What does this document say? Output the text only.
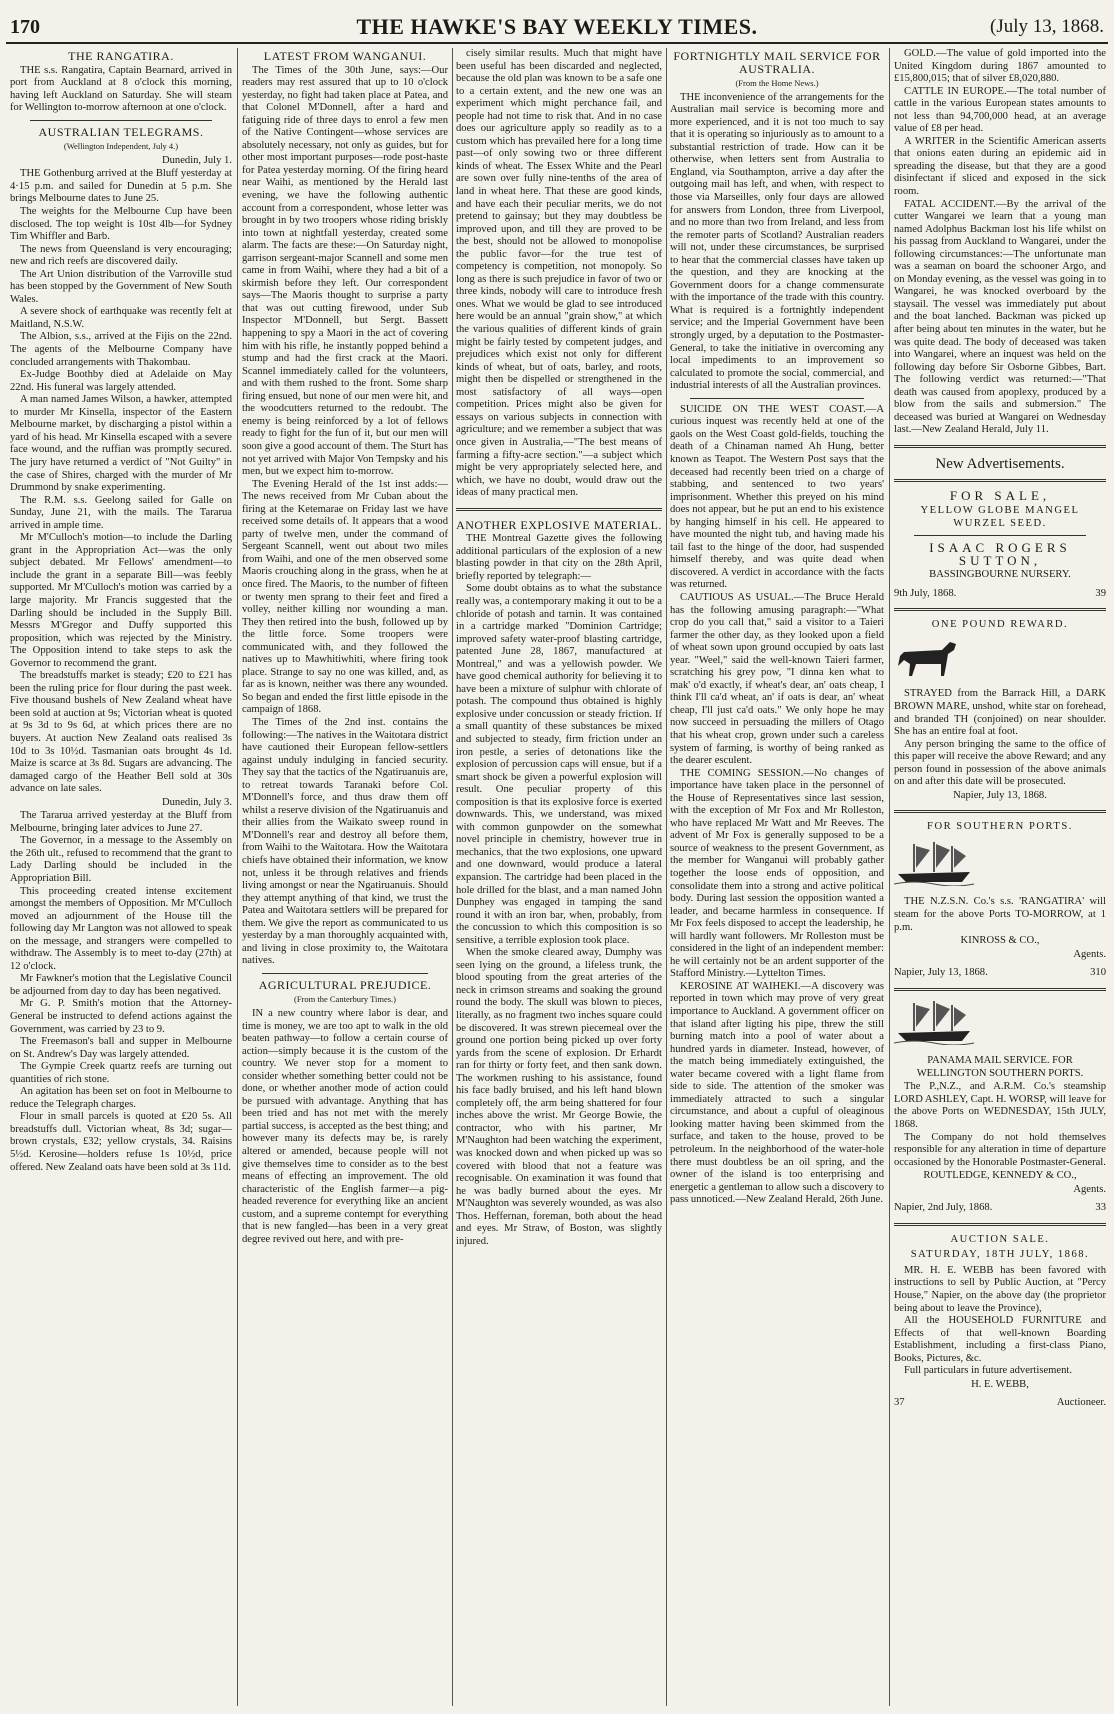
170	THE HAWKE'S BAY WEEKLY TIMES.	(July 13, 1868.
THE RANGATIRA.
THE s.s. Rangatira, Captain Bearnard, arrived in port from Auckland at 8 o'clock this morning, having left Auckland on Saturday. She will steam for Wellington to-morrow afternoon at one o'clock.
AUSTRALIAN TELEGRAMS.
(Wellington Independent, July 4.)
Dunedin, July 1.
THE Gothenburg arrived at the Bluff yesterday at 4·15 p.m. and sailed for Dunedin at 5 p.m. She brings Melbourne dates to June 25.
The weights for the Melbourne Cup have been disclosed. The top weight is 10st 4lb—for Sydney Tim Whiffler and Barb.
The news from Queensland is very encouraging; new and rich reefs are discovered daily.
The Art Union distribution of the Varroville stud has been stopped by the Government of New South Wales.
A severe shock of earthquake was recently felt at Maitland, N.S.W.
The Albion, s.s., arrived at the Fijis on the 22nd. The agents of the Melbourne Company have concluded arrangements with Thakombau.
Ex-Judge Boothby died at Adelaide on May 22nd. His funeral was largely attended.
A man named James Wilson, a hawker, attempted to murder Mr Kinsella, inspector of the Eastern Melbourne market, by discharging a pistol within a yard of his head. Mr Kinsella escaped with a severe face wound, and the ruffian was promptly secured. The jury have returned a verdict of "Not Guilty" in the case of Shires, charged with the murder of Mr Drummond by snake experimenting.
The R.M. s.s. Geelong sailed for Galle on Sunday, June 21, with the mails. The Tararua arrived in ample time.
Mr M'Culloch's motion—to include the Darling grant in the Appropriation Act—was the only subject debated. Mr Fellows' amendment—to include the grant in a separate Bill—was feebly supported. Mr M'Culloch's motion was carried by a large majority. Mr Francis suggested that the Darling should be included in the Supply Bill. Messrs M'Gregor and Duffy supported this proposition, which was rejected by the Ministry. The Opposition intend to take steps to ask the Governor to recommend the grant.
The breadstuffs market is steady; £20 to £21 has been the ruling price for flour during the past week. Five thousand bushels of New Zealand wheat have been sold at auction at 9s; Victorian wheat is quoted at 9s 3d to 9s 6d, at which prices there are no buyers. At auction New Zealand oats realised 3s 10d to 3s 10½d. Tasmanian oats brought 4s 1d. Maize is scarce at 3s 8d. Sugars are advancing. The damaged cargo of the Heather Bell sold at 30s advance on late sales.
Dunedin, July 3.
The Tararua arrived yesterday at the Bluff from Melbourne, bringing later advices to June 27.
The Governor, in a message to the Assembly on the 26th ult., refused to recommend that the grant to Lady Darling should be included in the Appropriation Bill.
This proceeding created intense excitement amongst the members of Opposition. Mr M'Culloch moved an adjournment of the House till the following day Mr Langton was not allowed to speak on the message, and strangers were compelled to withdraw. The Assembly is to meet to-day (27th) at 12 o'clock.
Mr Fawkner's motion that the Legislative Council be adjourned from day to day has been negatived.
Mr G. P. Smith's motion that the Attorney-General be instructed to defend actions against the Government, was carried by 23 to 9.
The Freemason's ball and supper in Melbourne on St. Andrew's Day was largely attended.
The Gympie Creek quartz reefs are turning out quantities of rich stone.
An agitation has been set on foot in Melbourne to reduce the Telegraph charges.
Flour in small parcels is quoted at £20 5s. All breadstuffs dull. Victorian wheat, 8s 3d; sugar—brown crystals, £32; yellow crystals, 34. Raisins 5½d. Kerosine—holders refuse 1s 10½d, price offered. New Zealand oats have been sold at 3s 11d.
LATEST FROM WANGANUI.
The Times of the 30th June, says:—Our readers may rest assured that up to 10 o'clock yesterday, no fight had taken place at Patea, and that Colonel M'Donnell, after a hard and fatiguing ride of three days to enrol a few men of the Native Contingent—whose services are absolutely necessary, not only as guides, but for other most important purposes—rode post-haste for Patea yesterday morning. Of the firing heard near Waihi, as mentioned by the Herald last evening, we have the following authentic account from a correspondent, whose letter was brought in by two troopers whose riding briskly into town at nightfall yesterday, created some alarm. The facts are these:—On Saturday night, garrison sergeant-major Scannell and some men came in from Waihi, where they had a bit of a skirmish before they left. Our correspondent says—The Maoris thought to surprise a party that was out cutting firewood, under Sub Inspector M'Donnell, but Sergt. Bassett happening to spy a Maori in the act of covering him with his rifle, he instantly popped behind a stump and had the first crack at the Maori. Scannel immediately called for the volunteers, and with them rushed to the front. Some sharp firing ensued, but none of our men were hit, and the woodcutters returned to the redoubt. The enemy is being reinforced by a lot of fellows ready to fight for the fun of it, but our men will soon give a good account of them. The Sturt has not yet arrived with Major Von Tempsky and his men, but we expect him to-morrow.
The Evening Herald of the 1st inst adds:—The news received from Mr Cuban about the firing at the Ketemarae on Friday last we have received some details of. It appears that a wood party of twelve men, under the command of Sergeant Scannell, went out about two miles from Waihi, and one of the men observed some Maoris crouching along in the grass, when he at once fired. The Maoris, to the number of fifteen or twenty men sprang to their feet and fired a volley, neither killing nor wounding a man. They then retired into the bush, followed up by the little force. Some troopers were communicated with, and they followed the natives up to Mawhitiwhiti, where firing took place. Strange to say no one was killed, and, as far as is known, neither was there any wounded. So began and ended the first little episode in the campaign of 1868.
The Times of the 2nd inst. contains the following:—The natives in the Waitotara district have cautioned their European fellow-settlers against unduly indulging in fancied security. They say that the tactics of the Ngatiruanuis are, to retreat towards Taranaki before Col. M'Donnell's force, and thus draw them off whilst a reserve division of the Ngatiruanuis and their allies from the Waikato sweep round in M'Donnell's rear and destroy all before them, from Waihi to the Waitotara. How the Waitotara chiefs have obtained their information, we know not, unless it be through relatives and friends living amongst or near the Ngatiruanuis. Should they attempt anything of that kind, we trust the Patea and Waitotara settlers will be prepared for them. We give the report as communicated to us yesterday by a man thoroughly acquainted with, and living in close proximity to, the Waitotara natives.
AGRICULTURAL PREJUDICE.
(From the Canterbury Times.)
IN a new country where labor is dear, and time is money, we are too apt to walk in the old beaten pathway—to follow a certain course of action—simply because it is the custom of the country. We never stop for a moment to consider whether something better could not be done, or whether another mode of action could be pursued with advantage. Anything that has been tried and has not met with the merely partial success, is accepted as the best thing; and however many its defects may be, is rarely altered or amended, because people will not give themselves time to consider as to the best means of effecting an improvement. The old characteristic of the English farmer—a pig-headed reverence for everything like an ancient custom, and a supreme contempt for everything that is new fangled—has been in a very great degree revived out here, and with pre-
cisely similar results. Much that might have been useful has been discarded and neglected, because the old plan was known to be a safe one to a certain extent, and the new one was an experiment which might perchance fail, and people had not time to risk that. And in no case does our agriculture apply so readily as to a custom which has prevailed here for a long time past—of only sowing two or three different kinds of wheat. The Essex White and the Pearl are sown over fully nine-tenths of the area of land in wheat here. That these are good kinds, and have each their peculiar merits, we do not pretend to gainsay; but they may doubtless be improved upon, and till they are proved to be the best, should not be allowed to monopolise the public favor—for the true test of competency is competition, not monopoly. So long as there is such prejudice in favor of two or three kinds, nobody will care to introduce fresh ones. What we would be glad to see introduced here would be an annual "grain show," at which the various qualities of different kinds of grain might be fairly tested by competent judges, and prejudices which exist not only for different kinds of wheat, but of oats, barley, and roots, might then be dispelled or strengthened in the most satisfactory of all ways—open competition. Prices might also be given for essays on various subjects in connection with agriculture; and we remember a subject that was once given in Australia,—"The best means of farming a fifty-acre section."—a subject which might be very appropriately selected here, and which, we have no doubt, would draw out the ideas of many practical men.
ANOTHER EXPLOSIVE MATERIAL.
THE Montreal Gazette gives the following additional particulars of the explosion of a new blasting powder in that city on the 28th April, briefly reported by telegraph:—
Some doubt obtains as to what the substance really was, a contemporary making it out to be a chloride of potash and tarnin. It was contained in a cartridge marked "Dominion Cartridge; improved safety water-proof blasting cartridge, patented June 28, 1867, manufactured at Montreal," and was a yellowish powder. We have good chemical authority for believing it to have been a mixture of sulphur with chlorate of potash. The compound thus obtained is highly explosive under concussion or steady friction. If a small quantity of these substances be mixed and subjected to steady, firm friction under an iron pestle, a series of detonations like the explosion of percussion caps will ensue, but if a smart shock be given a powerful explosion will result. One peculiar property of this composition is that its explosive force is exerted downwards. This, we understand, was mixed with common gunpowder on the somewhat novel principle in chemistry, however true in mechanics, that the two explosions, one upward and one downward, would produce a lateral expansion. The cartridge had been placed in the hole drilled for the blast, and a man named John Dunphey was engaged in tamping the sand round it with an iron bar, when, probably, from the concussion to which this composition is so sensitive, a terrible explosion took place.
When the smoke cleared away, Dumphy was seen lying on the ground, a lifeless trunk, the blood spouting from the great arteries of the neck in crimson streams and soaking the ground round the body. The skull was blown to pieces, literally, as no fragment two inches square could be discovered. It was strewn piecemeal over the ground one portion being picked up over forty yards from the scene of explosion. Dr Erhardt ran for thirty or forty feet, and then sank down. The workmen rushing to his assistance, found his face badly bruised, and his left hand blown completely off, the arm being shattered for four inches above the wrist. Mr George Bowie, the contractor, who with his partner, Mr M'Naughton had been watching the experiment, was knocked down and when picked up was so covered with blood that not a feature was recognisable. On examination it was found that he was badly burned about the eyes. Mr M'Naughton was severely wounded, as was also Thos. Heffernan, foreman, both about the head and eyes. Mr Straw, of Boston, was slightly injured.
FORTNIGHTLY MAIL SERVICE FOR AUSTRALIA.
(From the Home News.)
THE inconvenience of the arrangements for the Australian mail service is becoming more and more experienced, and it is not too much to say that it is operating so injuriously as to amount to a substantial restriction of trade. How can it be otherwise, when letters sent from Australia to England, via Southampton, arrive a day after the outgoing mail has left, and when, with respect to those via Marseilles, only four days are allowed for answers from London, three from Liverpool, and no more than two from Ireland, and less from the remoter parts of Scotland? Australian readers will not, under these circumstances, be surprised to hear that the commercial classes have taken up the question, and they are knocking at the Government doors for a change commensurate with the importance of the trade with this country. What is required is a fortnightly independent service; and the Imperial Government have been strongly urged, by a deputation to the Postmaster-General, to take the initiative in overcoming any local impediments to an improvement so calculated to promote the social, commercial, and industrial interests of all the Australian provinces.
SUICIDE ON THE WEST COAST.—A curious inquest was recently held at one of the gaols on the West Coast gold-fields, touching the death of a Chinaman named Ah Hung, better known as Teapot. The Western Post says that the deceased had recently been tried on a charge of stabbing, and sentenced to two years' imprisonment. Whether this preyed on his mind does not appear, but he put an end to his existence by hanging himself in his cell. He appeared to have mounted the night tub, and having made his tail fast to the hinge of the door, had suspended himself thereby, and was quite dead when discovered. A verdict in accordance with the facts was returned.
CAUTIOUS AS USUAL.—The Bruce Herald has the following amusing paragraph:—"What crop do you call that," said a visitor to a Taieri farmer the other day, as they looked upon a field of wheat sown upon ground occupied by oats last year. "Weel," said the well-known Taieri farmer, scratching his grey pow, "I dinna ken what to mak' o'd exactly, if wheat's dear, an' oats cheap, I think I'll ca'd wheat, an' if oats is dear, an' wheat cheap, I'll just ca'd oats." We only hope he may now succeed in persuading the millers of Otago that his wheat crop, grown under such a careless system of farming, is worthy of being ranked as the dearer esculent.
THE COMING SESSION.—No changes of importance have taken place in the personnel of the House of Representatives since last session, with the exception of Mr Fox and Mr Rolleston, who have replaced Mr Watt and Mr Reeves. The advent of Mr Fox is generally supposed to be a source of weakness to the present Government, as the member for Wanganui will probably gather together the loose ends of opposition, and consolidate them into a strong and active political body. During last session the opposition wanted a leader, and became harmless in consequence. If Mr Fox feels disposed to accept the leadership, he will hardly want followers. Mr Rolleston must be considered in the light of an independent member: he will certainly not be an ardent supporter of the Stafford Ministry.—Lyttelton Times.
KEROSINE AT WAIHEKI.—A discovery was reported in town which may prove of very great importance to Auckland. A government officer on that island after ligting his pipe, threw the still burning match into a pool of water about a hundred yards in diameter. Instead, however, of the match being immediately extinguished, the water became covered with a light flame from side to side. The attention of the smoker was immediately attracted to such a singular circumstance, and about a cupful of oleaginous looking matter having been skimmed from the surface, and taken to the house, proved to be petroleum. In the neighborhood of the water-hole there must doubtless be an oil spring, and the owner of the island is too enterprising and energetic a gentleman to allow such a discovery to pass unnoticed.—New Zealand Herald, 26th June.
GOLD.—The value of gold imported into the United Kingdom during 1867 amounted to £15,800,015; that of silver £8,020,880.
CATTLE IN EUROPE.—The total number of cattle in the various European states amounts to not less than 94,700,000 head, at an average value of £8 per head.
A WRITER in the Scientific American asserts that onions eaten during an epidemic aid in spreading the disease, but that they are a good disinfectant if sliced and exposed in the sick room.
FATAL ACCIDENT.—By the arrival of the cutter Wangarei we learn that a young man named Adolphus Backman lost his life whilst on his passag from Auckland to Wangarei, under the following circumstances:—The unfortunate man was a seaman on board the schooner Argo, and on Monday evening, as the vessel was going in to Wangarei, he was knocked overboard by the staysail. The vessel was immediately put about and the boat lanched. Backman was picked up after being about ten minutes in the water, but he was quite dead. The body of deceased was taken into Wangarei, where an inquest was held on the following day before Sir Osborne Gibbes, Bart. The following verdict was returned:—"That death was caused from apoplexy, produced by a blow from the sails and submersion." The deceased was buried at Wangarei on Wednesday last.—New Zealand Herald, July 11.
New Advertisements.
FOR SALE,
YELLOW GLOBE MANGEL WURZEL SEED.
ISAAC ROGERS SUTTON,
BASSINGBOURNE NURSERY.
9th July, 1868.	39
ONE POUND REWARD.
STRAYED from the Barrack Hill, a DARK BROWN MARE, unshod, white star on forehead, and branded TH (conjoined) on near shoulder. She has an entire foal at foot.
Any person bringing the same to the office of this paper will receive the above Reward; and any person found in possession of the above animals on and after this date will be prosecuted.
Napier, July 13, 1868.
FOR SOUTHERN PORTS.
THE N.Z.S.N. Co.'s s.s. 'RANGATIRA' will steam for the above Ports TO-MORROW, at 1 p.m.
KINROSS & CO.,
Agents.
Napier, July 13, 1868.	310
PANAMA MAIL SERVICE. FOR WELLINGTON SOUTHERN PORTS.
The P.,N.Z., and A.R.M. Co.'s steamship LORD ASHLEY, Capt. H. WORSP, will leave for the above Ports on WEDNESDAY, 15th JULY, 1868.
The Company do not hold themselves responsible for any alteration in time of departure occasioned by the Honorable Postmaster-General.
ROUTLEDGE, KENNEDY & CO.,
Agents.
Napier, 2nd July, 1868.	33
AUCTION SALE.
SATURDAY, 18TH JULY, 1868.
MR. H. E. WEBB has been favored with instructions to sell by Public Auction, at "Percy House," Napier, on the above day (the proprietor being about to leave the Province),
All the HOUSEHOLD FURNITURE and Effects of that well-known Boarding Establishment, including a first-class Piano, Books, Pictures, &c.
Full particulars in future advertisement.
H. E. WEBB,
37	Auctioneer.
